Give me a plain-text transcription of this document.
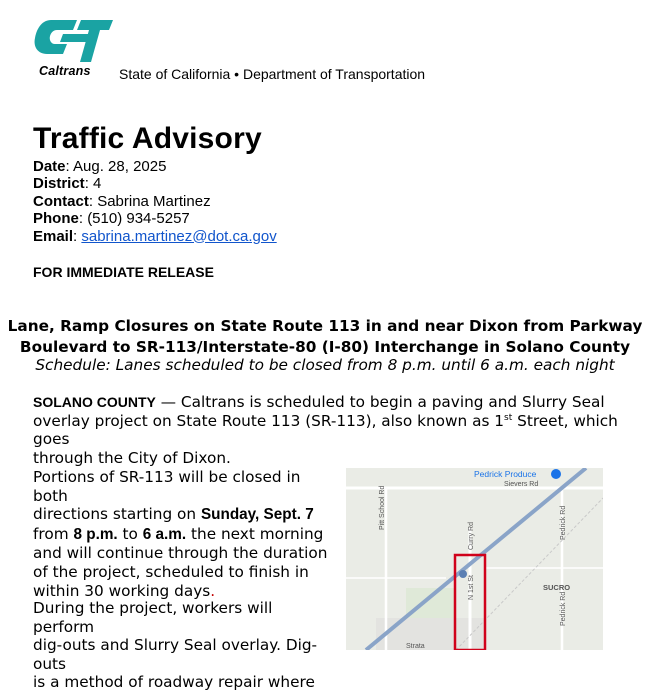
Caltrans State of California • Department of Transportation
Traffic Advisory
Date: Aug. 28, 2025
District: 4
Contact: Sabrina Martinez
Phone: (510) 934-5257
Email: sabrina.martinez@dot.ca.gov
FOR IMMEDIATE RELEASE
Lane, Ramp Closures on State Route 113 in and near Dixon from Parkway
Boulevard to SR-113/Interstate-80 (I-80) Interchange in Solano County
Schedule: Lanes scheduled to be closed from 8 p.m. until 6 a.m. each night
SOLANO COUNTY — Caltrans is scheduled to begin a paving and Slurry Seal
overlay project on State Route 113 (SR-113), also known as 1st Street, which goes
through the City of Dixon.
Portions of SR-113 will be closed in both
directions starting on Sunday, Sept. 7
from 8 p.m. to 6 a.m. the next morning
and will continue through the duration
of the project, scheduled to finish in
within 30 working days.
During the project, workers will perform
dig-outs and Slurry Seal overlay. Dig-outs
is a method of roadway repair where
Pedrick Produce
Sievers Rd
Pitt School Rd
Curry Rd	Pedrick Rd
Pedrick Rd
SUCRO
N 1st St
Strata
